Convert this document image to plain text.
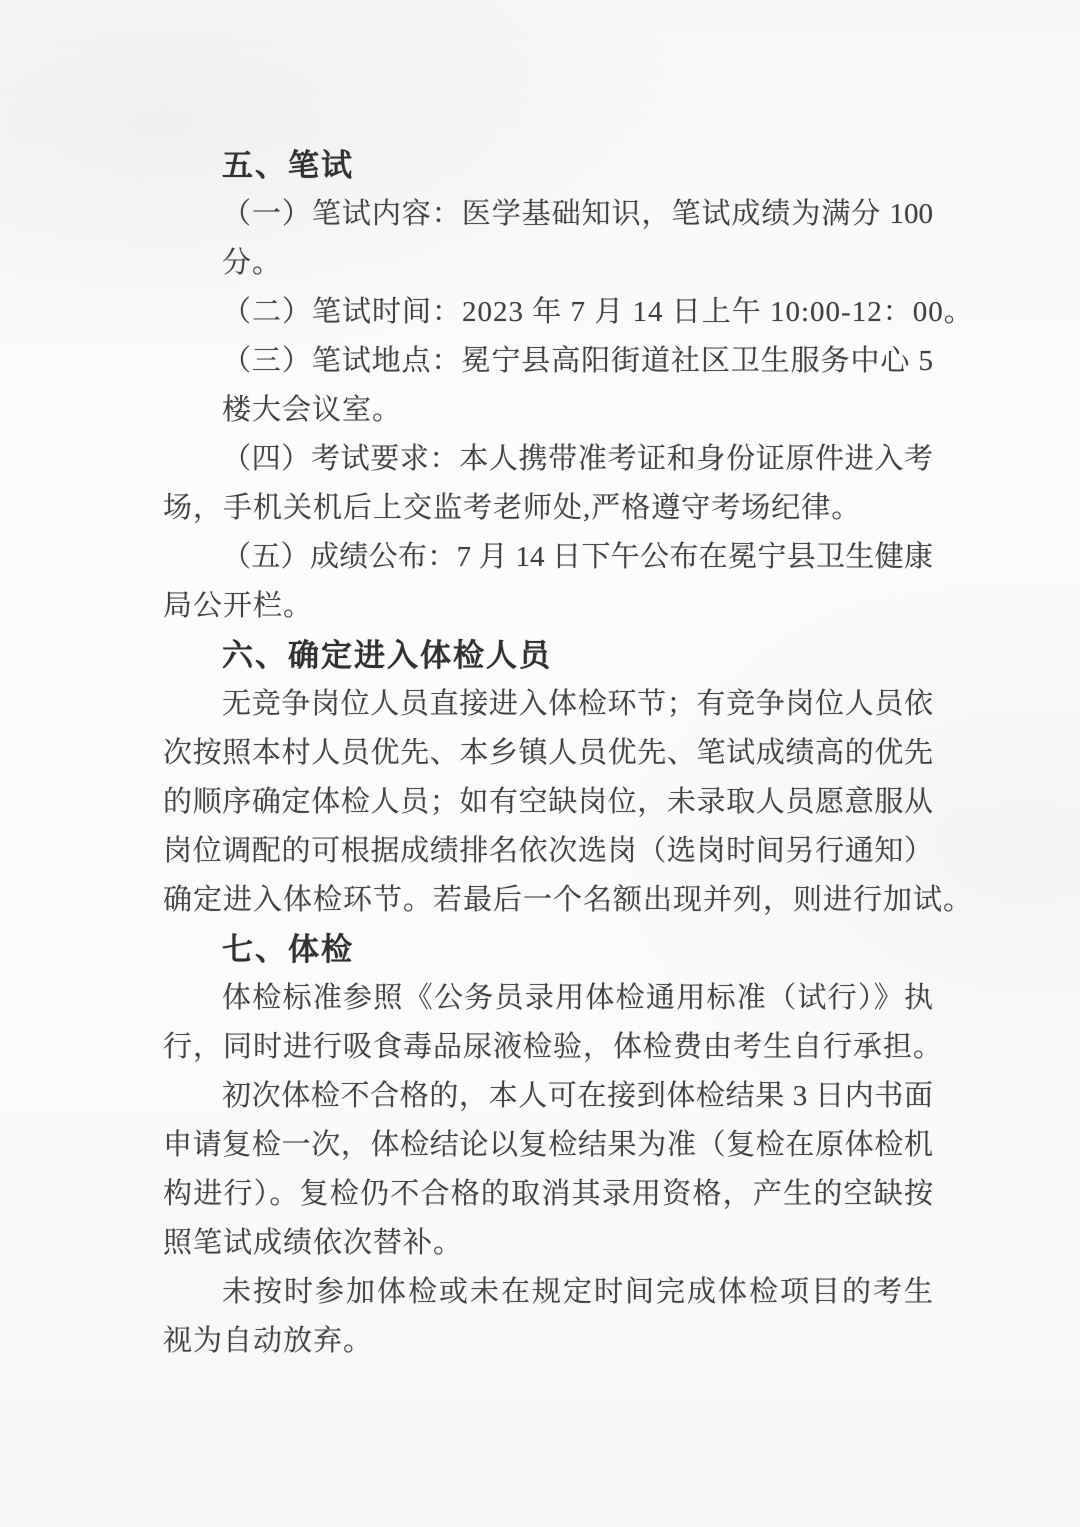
五、笔试
（一）笔试内容：医学基础知识，笔试成绩为满分 100
分。
（二）笔试时间：2023 年 7 月 14 日上午 10:00-12：00。
（三）笔试地点：冕宁县高阳街道社区卫生服务中心 5
楼大会议室。
（四）考试要求：本人携带准考证和身份证原件进入考
场，手机关机后上交监考老师处,严格遵守考场纪律。
（五）成绩公布：7 月 14 日下午公布在冕宁县卫生健康
局公开栏。
六、确定进入体检人员
无竞争岗位人员直接进入体检环节；有竞争岗位人员依
次按照本村人员优先、本乡镇人员优先、笔试成绩高的优先
的顺序确定体检人员；如有空缺岗位，未录取人员愿意服从
岗位调配的可根据成绩排名依次选岗（选岗时间另行通知）
确定进入体检环节。若最后一个名额出现并列，则进行加试。
七、体检
体检标准参照《公务员录用体检通用标准（试行）》执
行，同时进行吸食毒品尿液检验，体检费由考生自行承担。
初次体检不合格的，本人可在接到体检结果 3 日内书面
申请复检一次，体检结论以复检结果为准（复检在原体检机
构进行）。复检仍不合格的取消其录用资格，产生的空缺按
照笔试成绩依次替补。
未按时参加体检或未在规定时间完成体检项目的考生
视为自动放弃。
